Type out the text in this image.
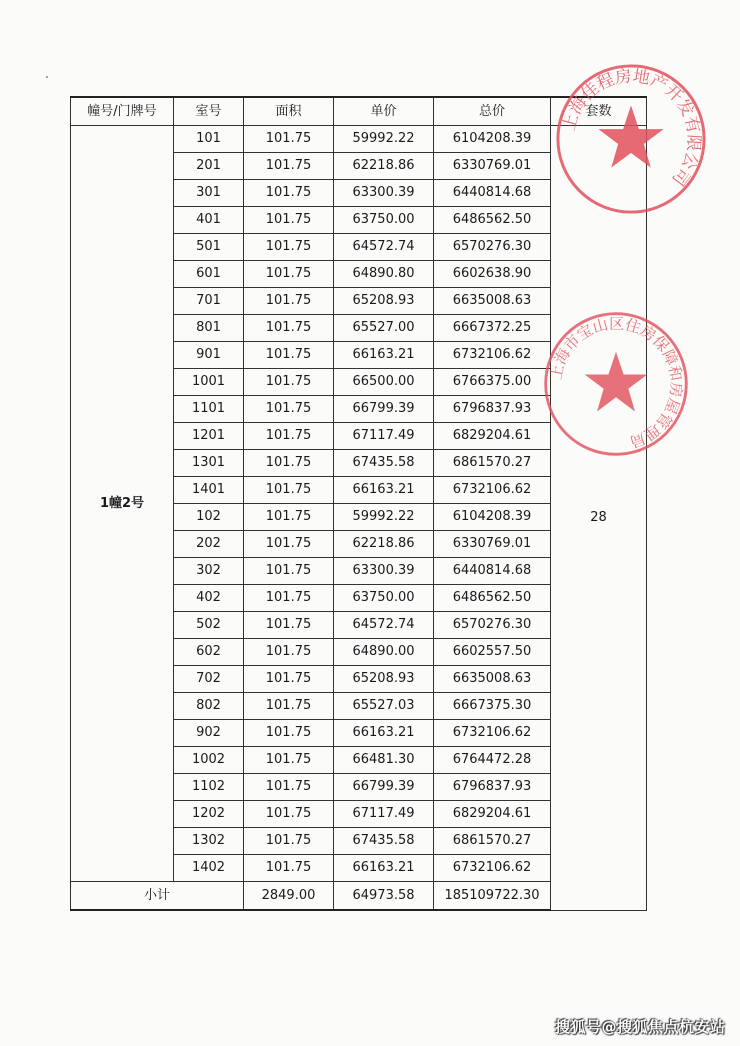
幢号/门牌号	室号	面积	单价	总价	套数
1幢2号	101	101.75	59992.22	6104208.39	28
	201	101.75	62218.86	6330769.01	
	301	101.75	63300.39	6440814.68	
	401	101.75	63750.00	6486562.50	
	501	101.75	64572.74	6570276.30	
	601	101.75	64890.80	6602638.90	
	701	101.75	65208.93	6635008.63	
	801	101.75	65527.00	6667372.25	
	901	101.75	66163.21	6732106.62	
	1001	101.75	66500.00	6766375.00	
	1101	101.75	66799.39	6796837.93	
	1201	101.75	67117.49	6829204.61	
	1301	101.75	67435.58	6861570.27	
	1401	101.75	66163.21	6732106.62	
	102	101.75	59992.22	6104208.39	
	202	101.75	62218.86	6330769.01	
	302	101.75	63300.39	6440814.68	
	402	101.75	63750.00	6486562.50	
	502	101.75	64572.74	6570276.30	
	602	101.75	64890.00	6602557.50	
	702	101.75	65208.93	6635008.63	
	802	101.75	65527.03	6667375.30	
	902	101.75	66163.21	6732106.62	
	1002	101.75	66481.30	6764472.28	
	1102	101.75	66799.39	6796837.93	
	1202	101.75	67117.49	6829204.61	
	1302	101.75	67435.58	6861570.27	
	1402	101.75	66163.21	6732106.62	
小计		2849.00	64973.58	185109722.30	
上海佳程房地产开发有限公司
上海市宝山区住房保障和房屋管理局
搜狐号@搜狐焦点杭安站
